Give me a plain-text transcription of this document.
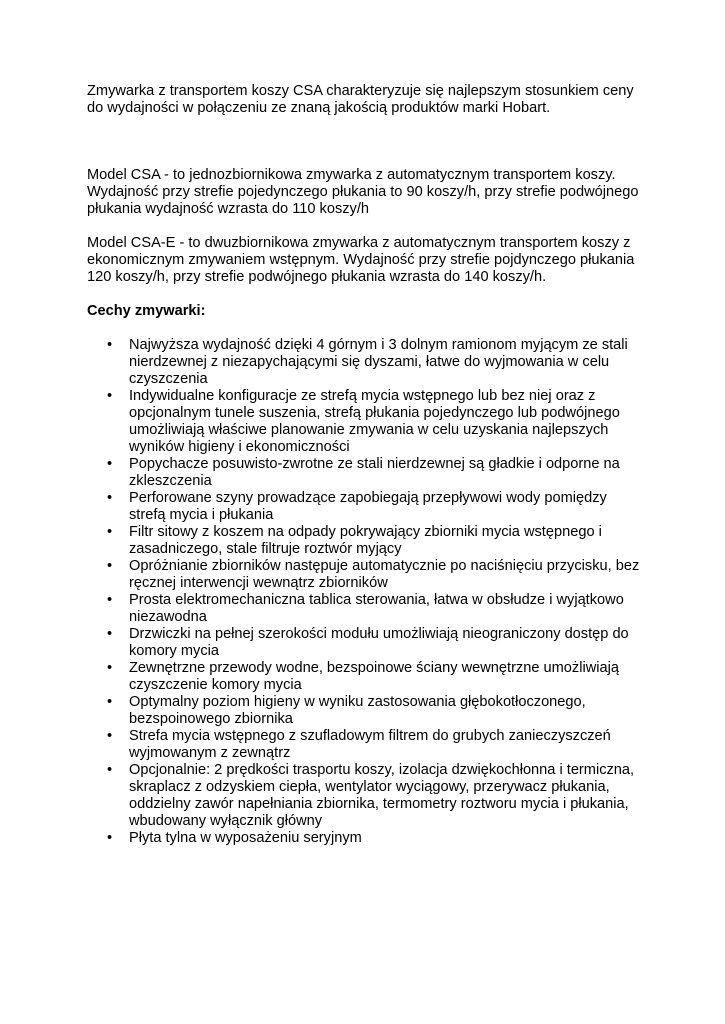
Zmywarka z transportem koszy CSA charakteryzuje się najlepszym stosunkiem ceny do wydajności w połączeniu ze znaną jakością produktów marki Hobart.

Model CSA - to jednozbiornikowa zmywarka z automatycznym transportem koszy. Wydajność przy strefie pojedynczego płukania to 90 koszy/h, przy strefie podwójnego płukania wydajność wzrasta do 110 koszy/h

Model CSA-E - to dwuzbiornikowa zmywarka z automatycznym transportem koszy z ekonomicznym zmywaniem wstępnym. Wydajność przy strefie pojdynczego płukania 120 koszy/h, przy strefie podwójnego płukania wzrasta do 140 koszy/h.

Cechy zmywarki:

• Najwyższa wydajność dzięki 4 górnym i 3 dolnym ramionom myjącym ze stali nierdzewnej z niezapychającymi się dyszami, łatwe do wyjmowania w celu czyszczenia
• Indywidualne konfiguracje ze strefą mycia wstępnego lub bez niej oraz z opcjonalnym tunele suszenia, strefą płukania pojedynczego lub podwójnego umożliwiają właściwe planowanie zmywania w celu uzyskania najlepszych wyników higieny i ekonomiczności
• Popychacze posuwisto-zwrotne ze stali nierdzewnej są gładkie i odporne na zkleszczenia
• Perforowane szyny prowadzące zapobiegają przepływowi wody pomiędzy strefą mycia i płukania
• Filtr sitowy z koszem na odpady pokrywający zbiorniki mycia wstępnego i zasadniczego, stale filtruje roztwór myjący
• Opróżnianie zbiorników następuje automatycznie po naciśnięciu przycisku, bez ręcznej interwencji wewnątrz zbiorników
• Prosta elektromechaniczna tablica sterowania, łatwa w obsłudze i wyjątkowo niezawodna
• Drzwiczki na pełnej szerokości modułu umożliwiają nieograniczony dostęp do komory mycia
• Zewnętrzne przewody wodne, bezspoinowe ściany wewnętrzne umożliwiają czyszczenie komory mycia
• Optymalny poziom higieny w wyniku zastosowania głębokotłoczonego, bezspoinowego zbiornika
• Strefa mycia wstępnego z szufladowym filtrem do grubych zanieczyszczeń wyjmowanym z zewnątrz
• Opcjonalnie: 2 prędkości trasportu koszy, izolacja dzwiękochłonna i termiczna, skraplacz z odzyskiem ciepła, wentylator wyciągowy, przerywacz płukania, oddzielny zawór napełniania zbiornika, termometry roztworu mycia i płukania, wbudowany wyłącznik główny
• Płyta tylna w wyposażeniu seryjnym
